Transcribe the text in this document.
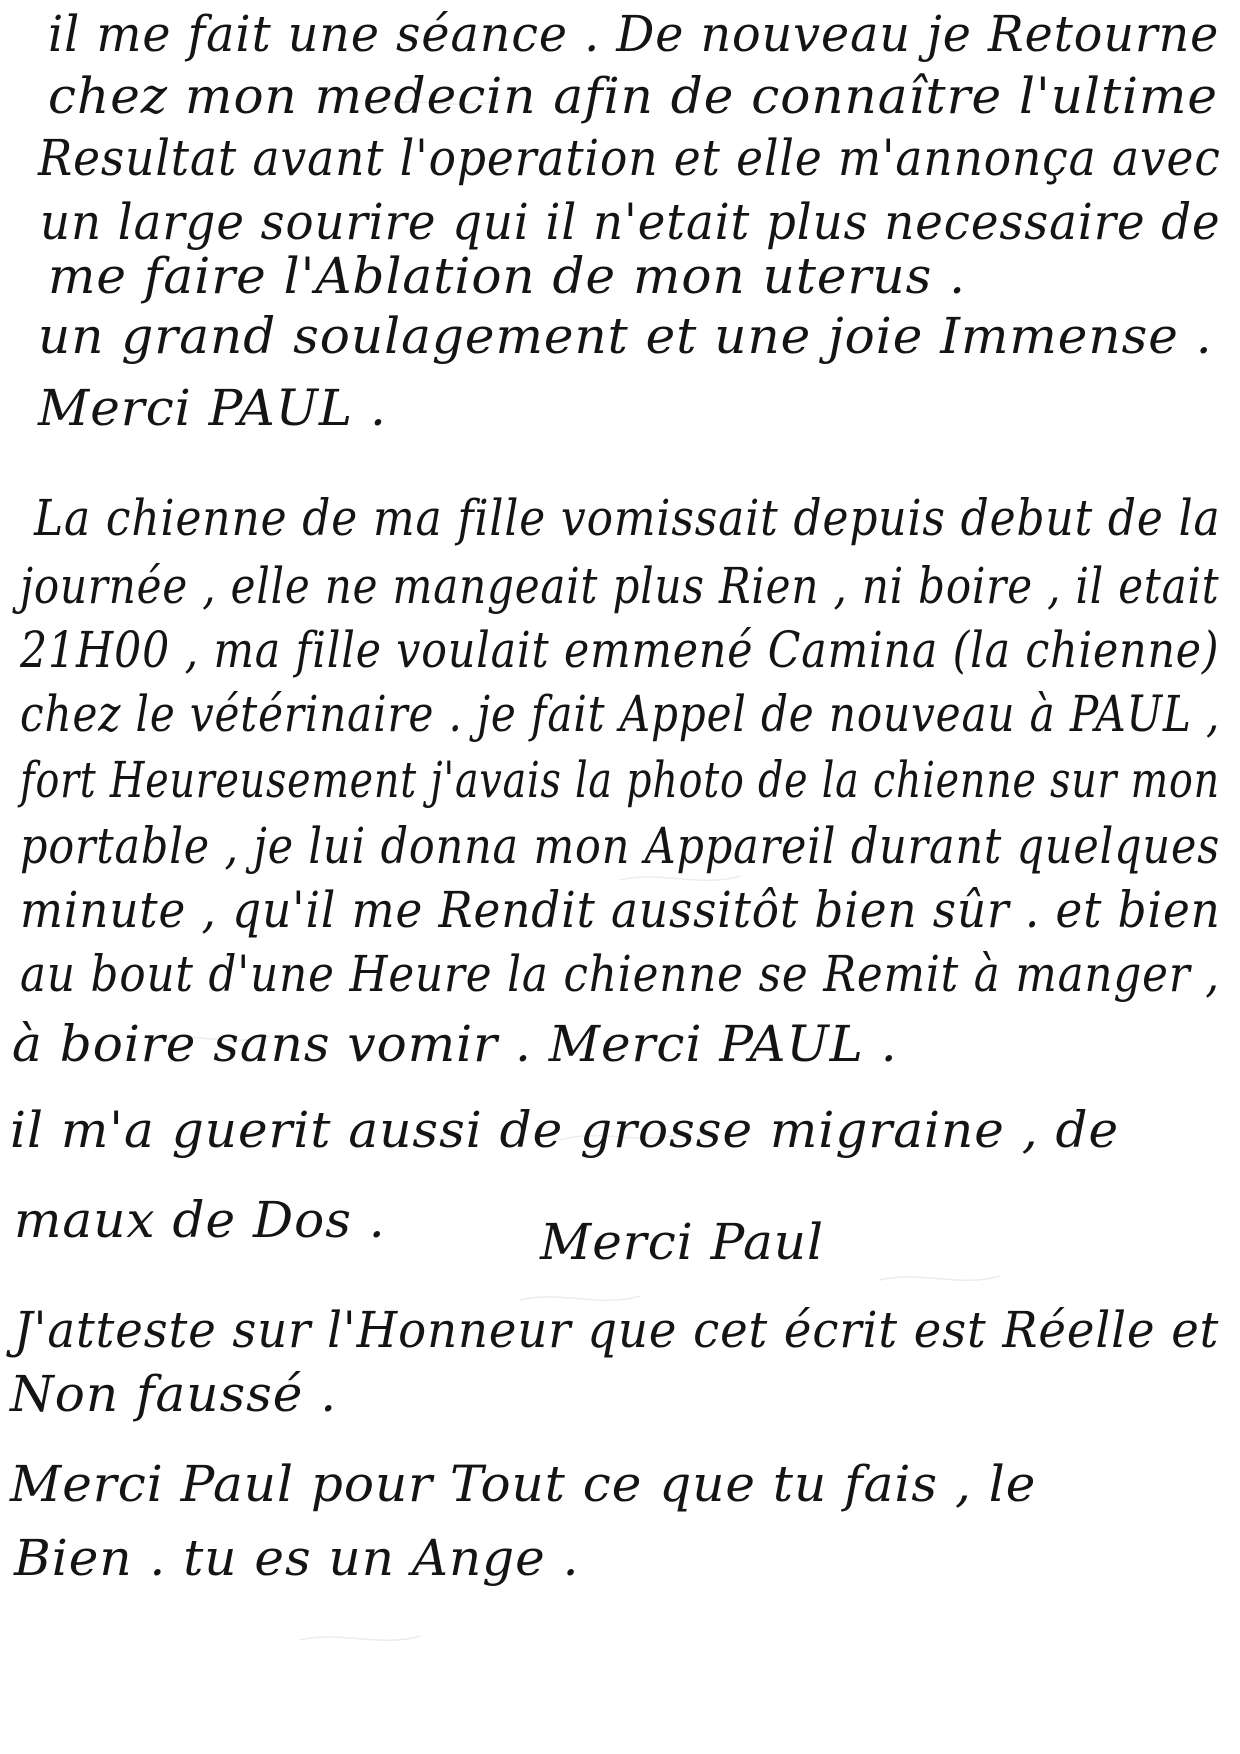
il me fait une séance . De nouveau je Retourne
chez mon medecin afin de connaître l'ultime
Resultat avant l'operation et elle m'annonça avec
un large sourire qui il n'etait plus necessaire de
me faire l'Ablation de mon uterus .
un grand soulagement et une joie Immense .
Merci PAUL .
La chienne de ma fille vomissait depuis debut de la
journée , elle ne mangeait plus Rien , ni boire , il etait
21H00 , ma fille voulait emmené Camina (la chienne)
chez le vétérinaire . je fait Appel de nouveau à PAUL ,
fort Heureusement j'avais la photo de la chienne sur mon
portable , je lui donna mon Appareil durant quelques
minute , qu'il me Rendit aussitôt bien sûr . et bien
au bout d'une Heure la chienne se Remit à manger ,
à boire sans vomir . Merci PAUL .
il m'a guerit aussi de grosse migraine , de
maux de Dos .	Merci Paul
J'atteste sur l'Honneur que cet écrit est Réelle et
Non faussé .
Merci Paul pour Tout ce que tu fais , le
Bien . tu es un Ange .
